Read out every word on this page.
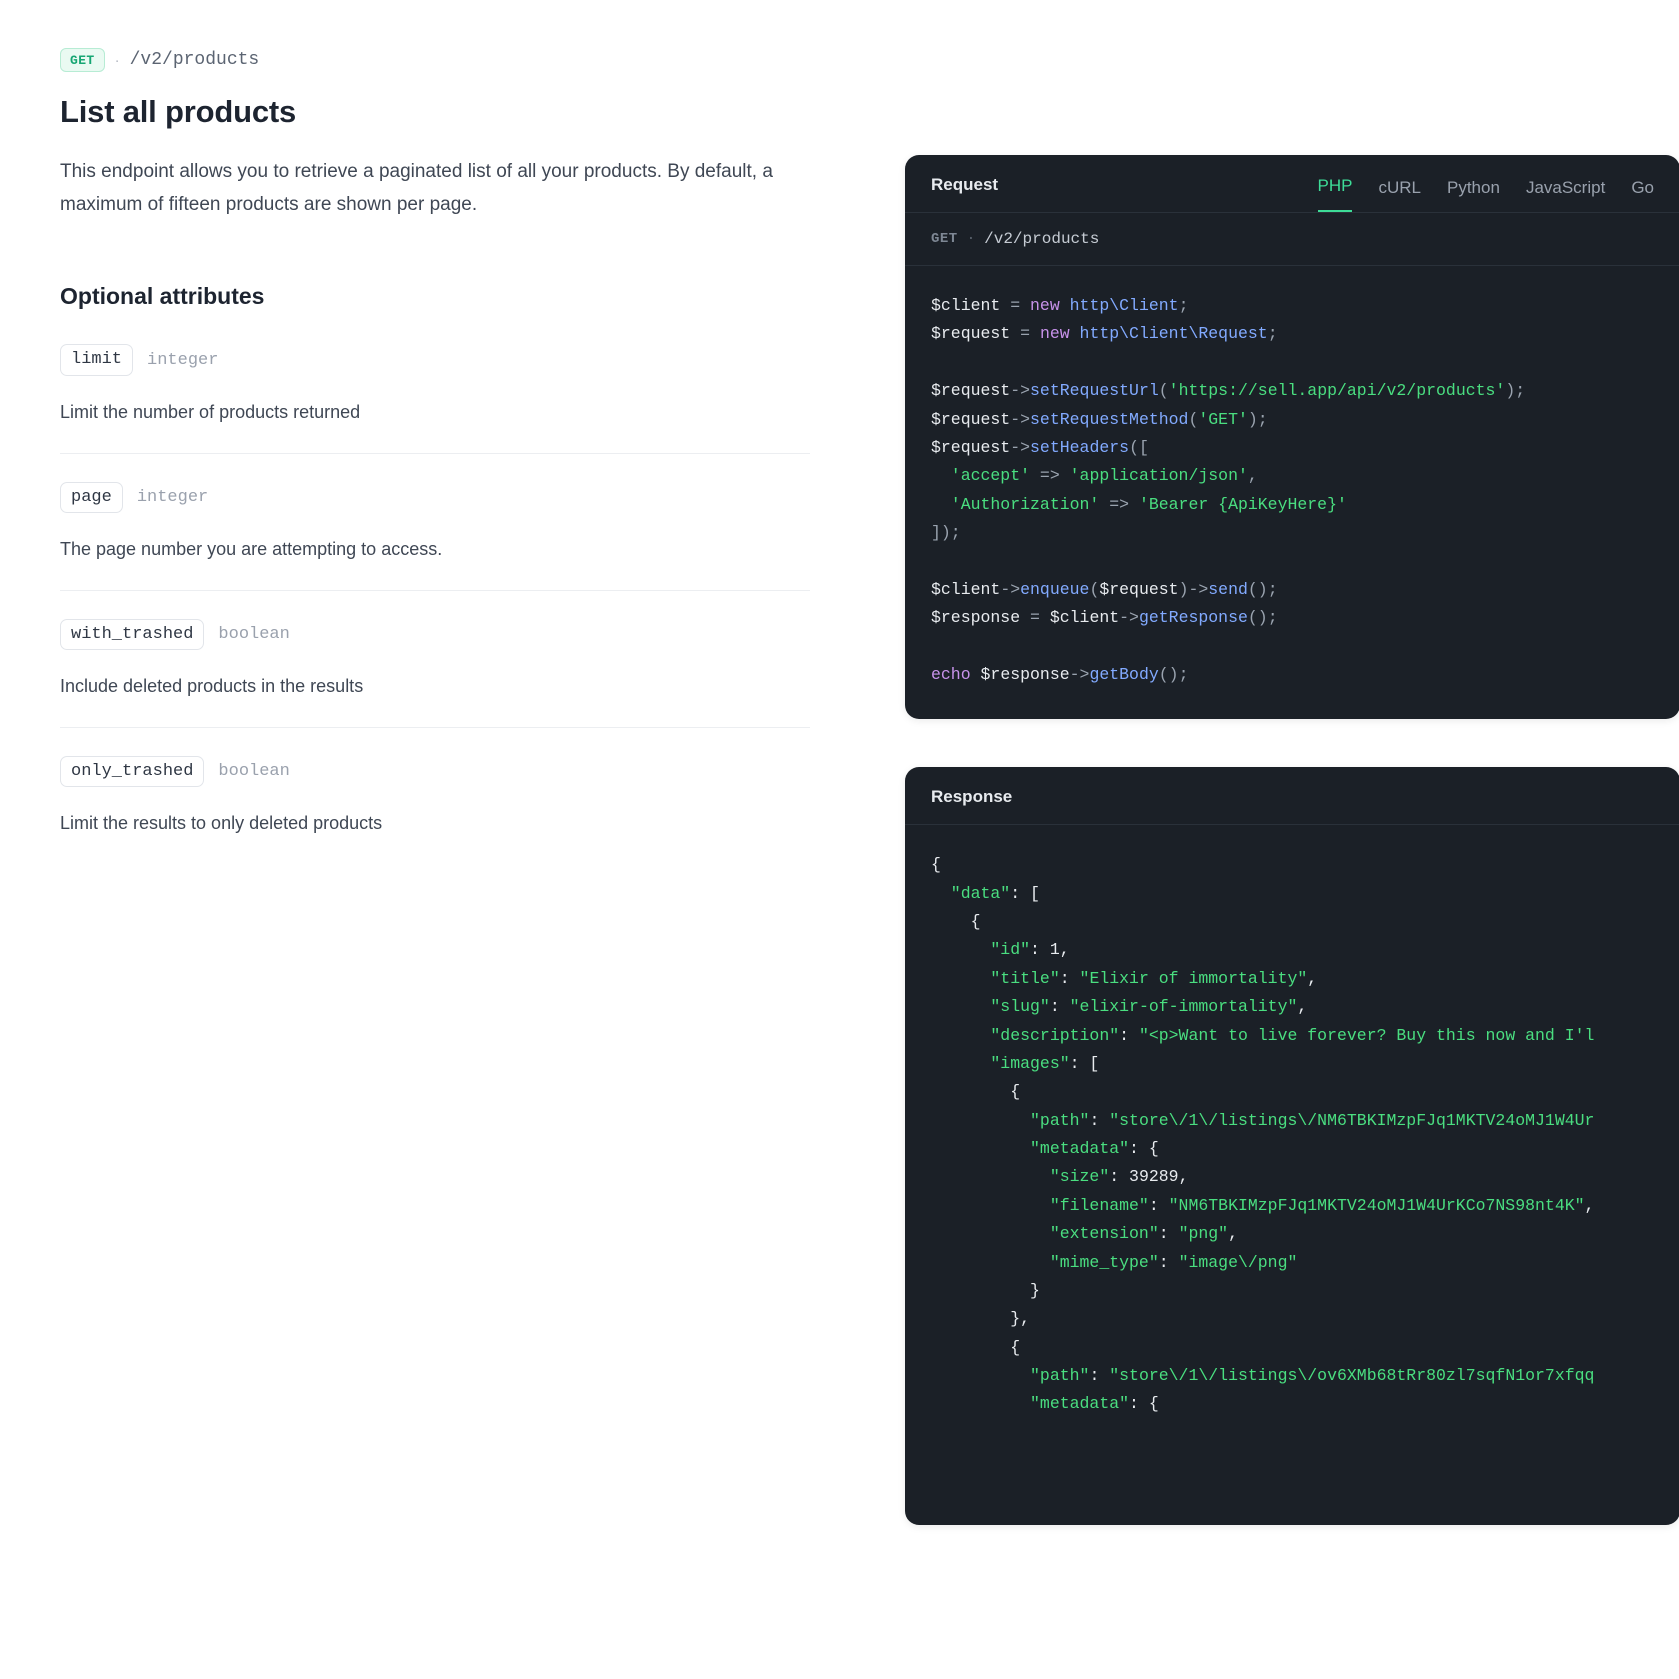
GET	· /v2/products
List all products

This endpoint allows you to retrieve a paginated list of all your products. By default, a maximum of fifteen products are shown per page.

Optional attributes
limit	integer

Limit the number of products returned

page	integer

The page number you are attempting to access.

with_trashed	boolean

Include deleted products in the results

only_trashed	boolean

Limit the results to only deleted products

Request	PHP cURL Python JavaScript Go
GET · /v2/products
$client = new http\Client;
$request = new http\Client\Request;

$request->setRequestUrl('https://sell.app/api/v2/products');
$request->setRequestMethod('GET');
$request->setHeaders([
'accept' => 'application/json',
'Authorization' => 'Bearer {ApiKeyHere}'
]);

$client->enqueue($request)->send();
$response = $client->getResponse();

echo $response->getBody();
Response
{
"data": [
{
"id": 1,
"title": "Elixir of immortality",
"slug": "elixir-of-immortality",
"description": "<p>Want to live forever? Buy this now and I'l
"images": [
{
"path": "store\/1\/listings\/NM6TBKIMzpFJq1MKTV24oMJ1W4Ur
"metadata": {
"size": 39289,
"filename": "NM6TBKIMzpFJq1MKTV24oMJ1W4UrKCo7NS98nt4K",
"extension": "png",
"mime_type": "image\/png"
}
},
{
"path": "store\/1\/listings\/ov6XMb68tRr80zl7sqfN1or7xfqq
"metadata": {
